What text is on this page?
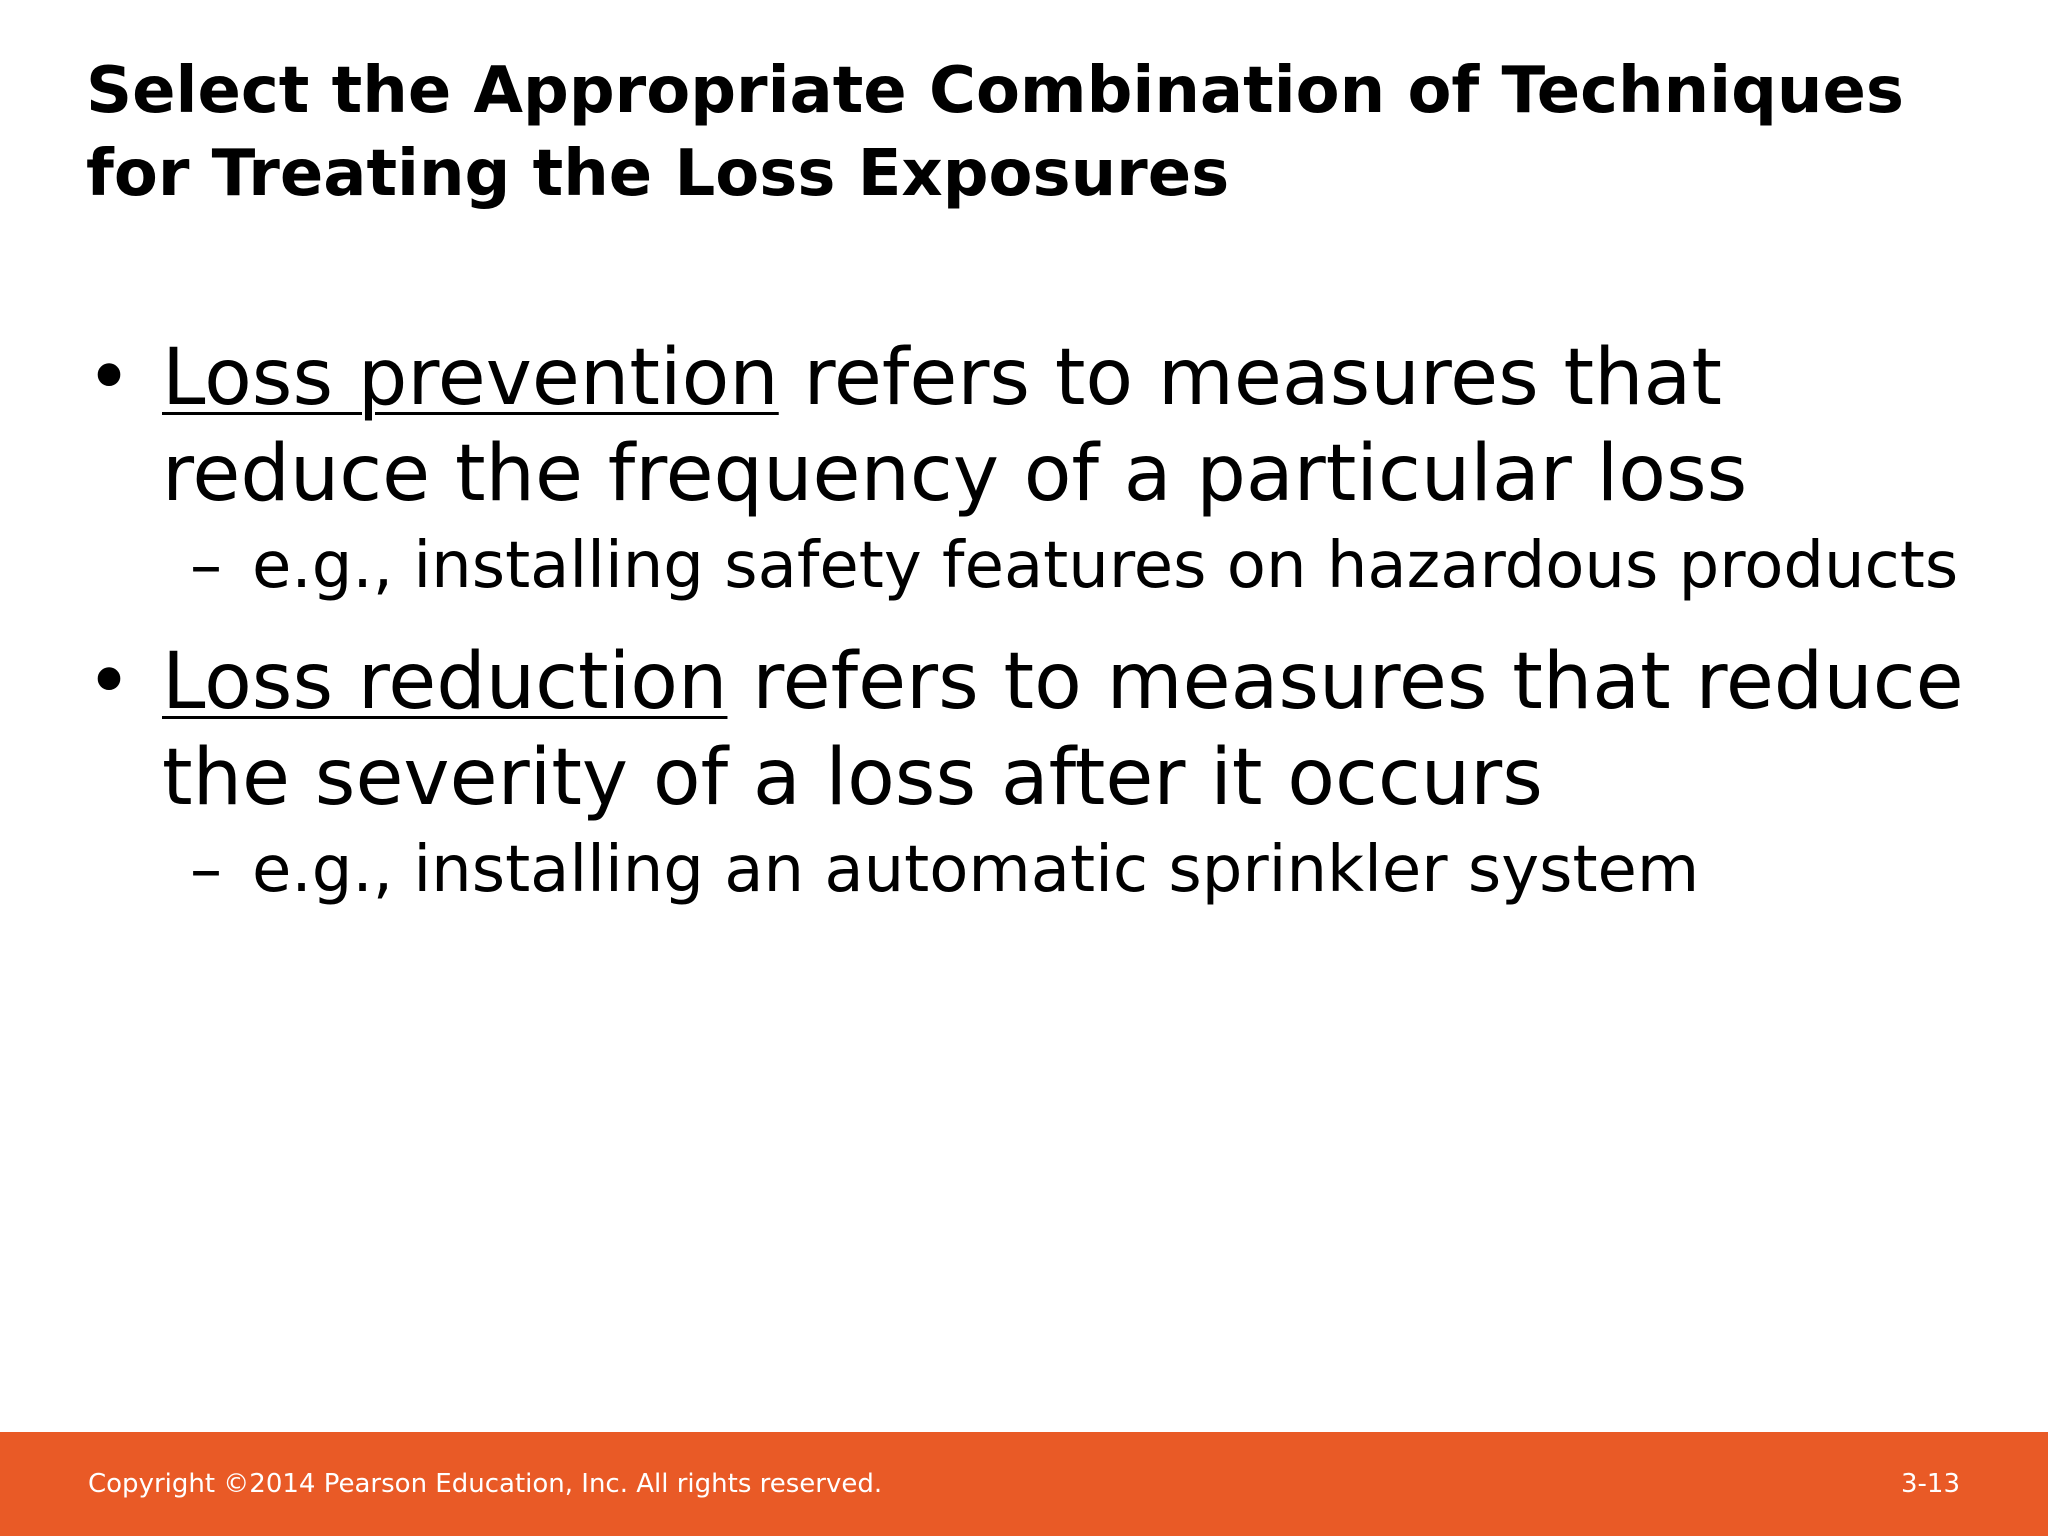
Select the Appropriate Combination of Techniques for Treating the Loss Exposures

• Loss prevention refers to measures that reduce the frequency of a particular loss

– e.g., installing safety features on hazardous products

• Loss reduction refers to measures that reduce the severity of a loss after it occurs

– e.g., installing an automatic sprinkler system

Copyright ©2014 Pearson Education, Inc. All rights reserved.	3-13
